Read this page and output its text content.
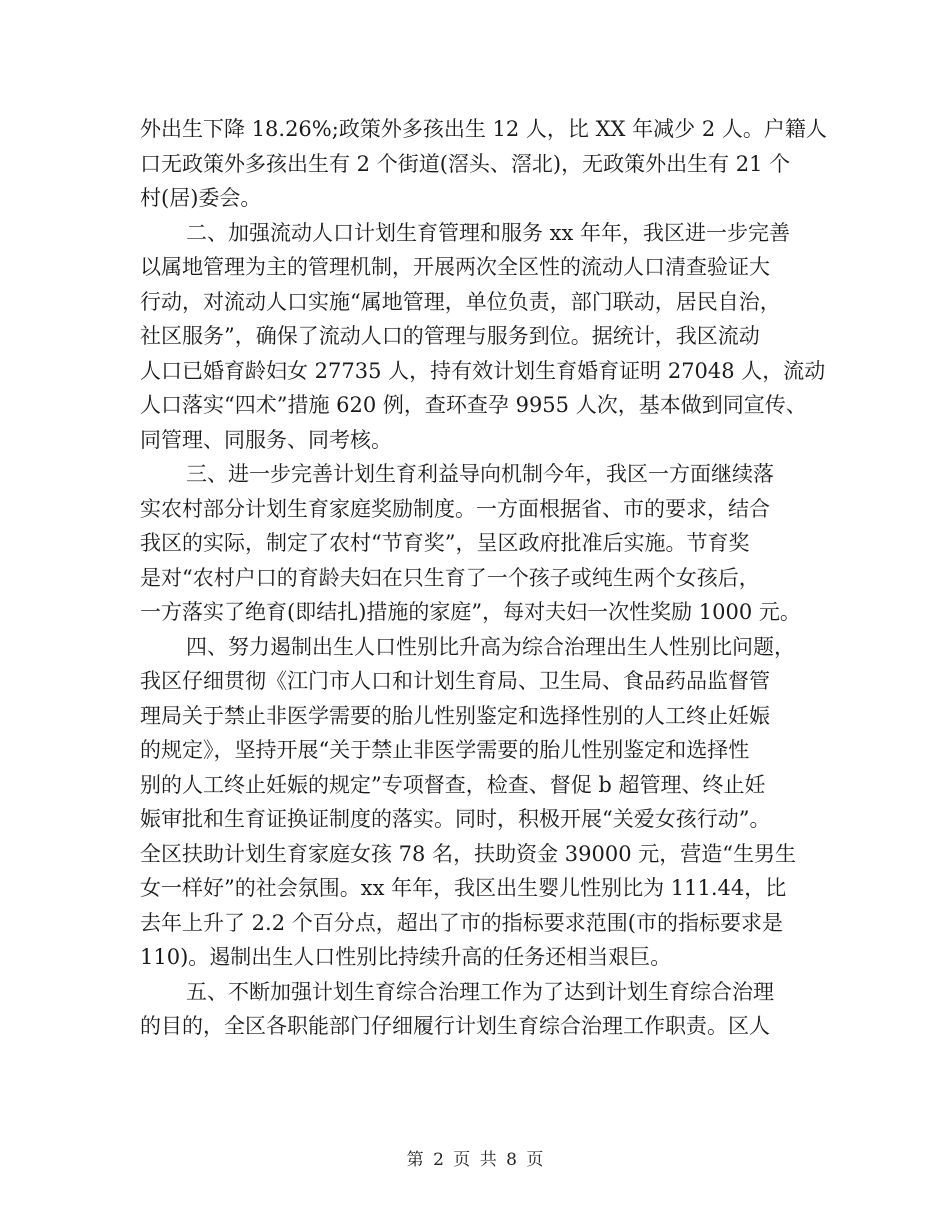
外出生下降 18.26%;政策外多孩出生 12 人，比 XX 年减少 2 人。户籍人
口无政策外多孩出生有 2 个街道(滘头、滘北)，无政策外出生有 21 个
村(居)委会。
二、加强流动人口计划生育管理和服务 xx 年年，我区进一步完善
以属地管理为主的管理机制，开展两次全区性的流动人口清查验证大
行动，对流动人口实施“属地管理，单位负责，部门联动，居民自治，
社区服务”，确保了流动人口的管理与服务到位。据统计，我区流动
人口已婚育龄妇女 27735 人，持有效计划生育婚育证明 27048 人，流动
人口落实“四术”措施 620 例，查环查孕 9955 人次，基本做到同宣传、
同管理、同服务、同考核。
三、进一步完善计划生育利益导向机制今年，我区一方面继续落
实农村部分计划生育家庭奖励制度。一方面根据省、市的要求，结合
我区的实际，制定了农村“节育奖”，呈区政府批准后实施。节育奖
是对“农村户口的育龄夫妇在只生育了一个孩子或纯生两个女孩后，
一方落实了绝育(即结扎)措施的家庭”，每对夫妇一次性奖励 1000 元。
四、努力遏制出生人口性别比升高为综合治理出生人性别比问题，
我区仔细贯彻《江门市人口和计划生育局、卫生局、食品药品监督管
理局关于禁止非医学需要的胎儿性别鉴定和选择性别的人工终止妊娠
的规定》，坚持开展“关于禁止非医学需要的胎儿性别鉴定和选择性
别的人工终止妊娠的规定”专项督查，检查、督促 b 超管理、终止妊
娠审批和生育证换证制度的落实。同时，积极开展“关爱女孩行动”。
全区扶助计划生育家庭女孩 78 名，扶助资金 39000 元，营造“生男生
女一样好”的社会氛围。xx 年年，我区出生婴儿性别比为 111.44，比
去年上升了 2.2 个百分点，超出了市的指标要求范围(市的指标要求是
110)。遏制出生人口性别比持续升高的任务还相当艰巨。
五、不断加强计划生育综合治理工作为了达到计划生育综合治理
的目的，全区各职能部门仔细履行计划生育综合治理工作职责。区人
第 2 页 共 8 页
